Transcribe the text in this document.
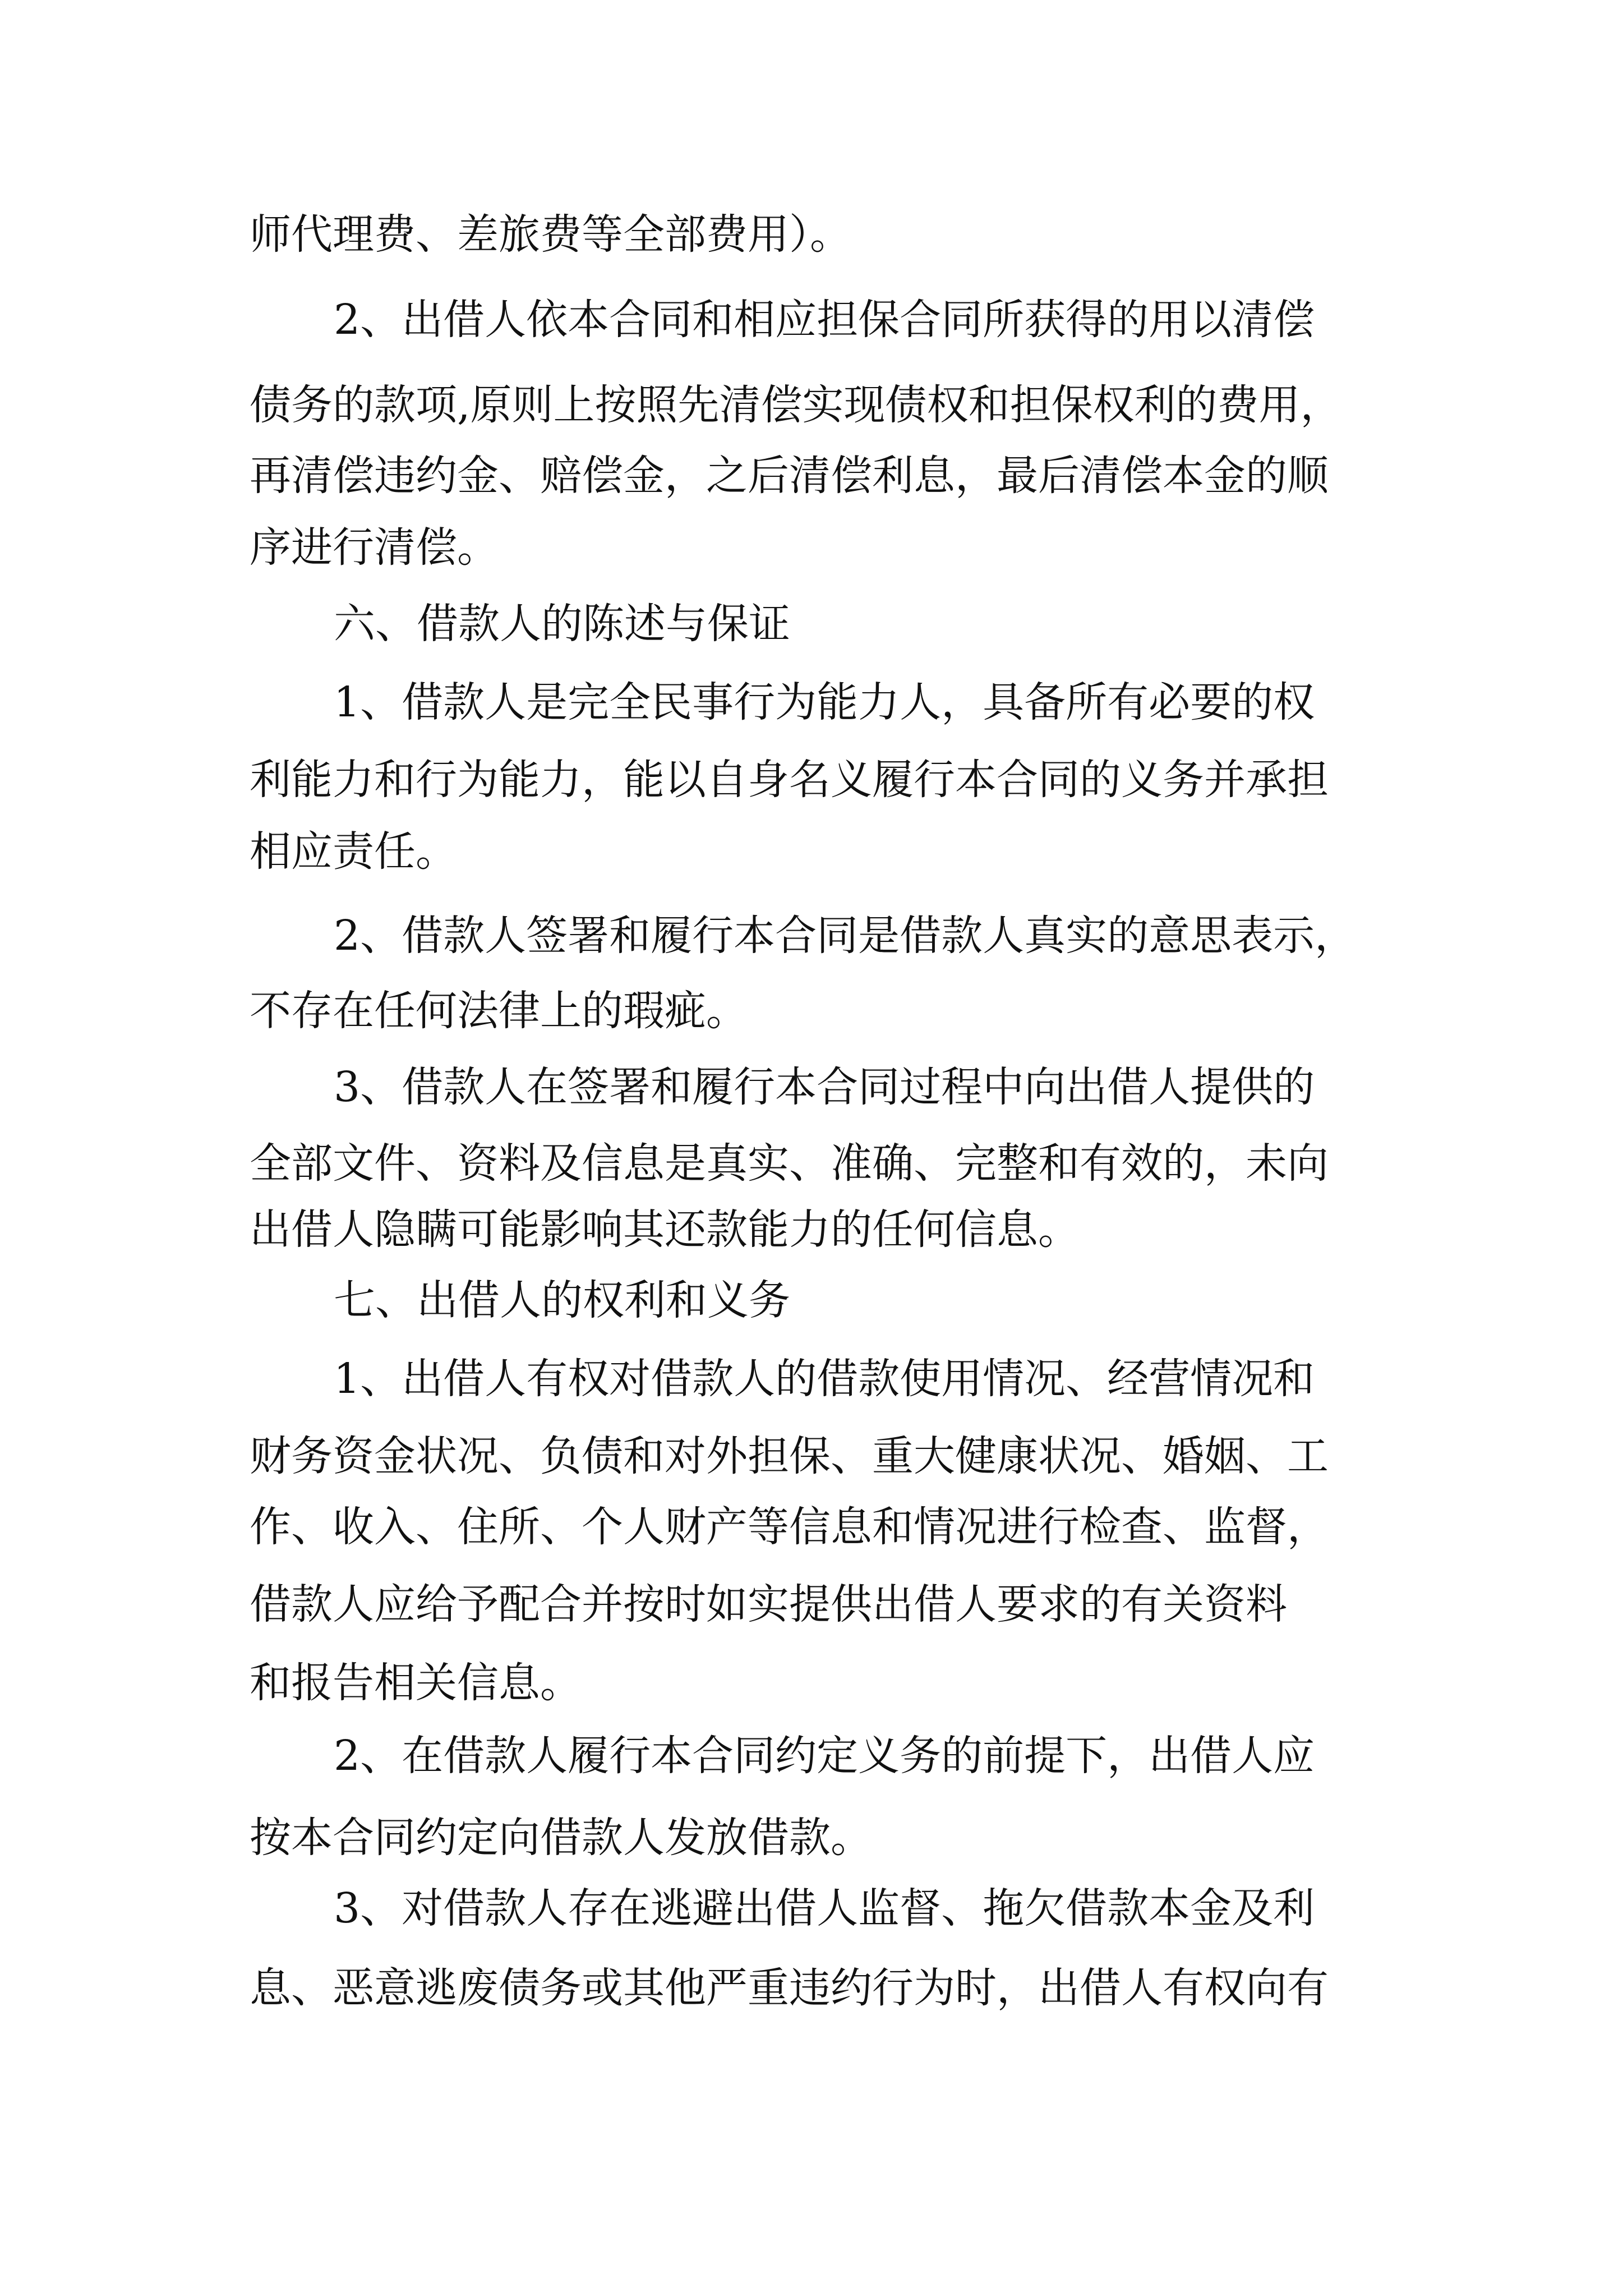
师代理费、差旅费等全部费用）。

2、出借人依本合同和相应担保合同所获得的用以清偿

债务的款项,原则上按照先清偿实现债权和担保权利的费用，

再清偿违约金、赔偿金，之后清偿利息，最后清偿本金的顺

序进行清偿。

六、借款人的陈述与保证

1、借款人是完全民事行为能力人，具备所有必要的权

利能力和行为能力，能以自身名义履行本合同的义务并承担

相应责任。

2、借款人签署和履行本合同是借款人真实的意思表示，

不存在任何法律上的瑕疵。

3、借款人在签署和履行本合同过程中向出借人提供的

全部文件、资料及信息是真实、准确、完整和有效的，未向

出借人隐瞒可能影响其还款能力的任何信息。

七、出借人的权利和义务

1、出借人有权对借款人的借款使用情况、经营情况和

财务资金状况、负债和对外担保、重大健康状况、婚姻、工

作、收入、住所、个人财产等信息和情况进行检查、监督，

借款人应给予配合并按时如实提供出借人要求的有关资料

和报告相关信息。

2、在借款人履行本合同约定义务的前提下，出借人应

按本合同约定向借款人发放借款。

3、对借款人存在逃避出借人监督、拖欠借款本金及利

息、恶意逃废债务或其他严重违约行为时，出借人有权向有
